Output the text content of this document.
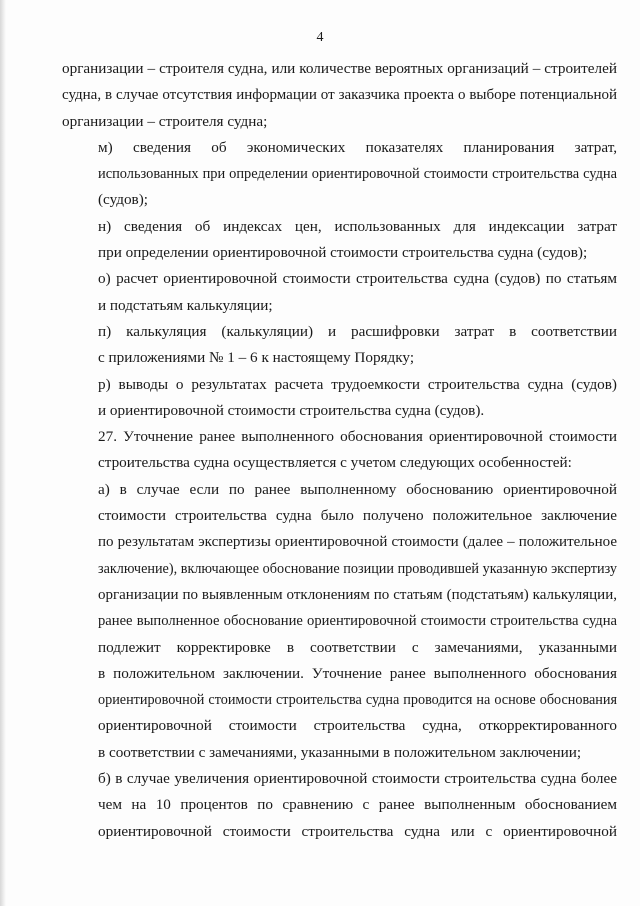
4
организации – строителя судна, или количестве вероятных организаций – строителей
судна, в случае отсутствия информации от заказчика проекта о выборе потенциальной
организации – строителя судна;
м) сведения об экономических показателях планирования затрат,
использованных при определении ориентировочной стоимости строительства судна
(судов);
н) сведения об индексах цен, использованных для индексации затрат
при определении ориентировочной стоимости строительства судна (судов);
о) расчет ориентировочной стоимости строительства судна (судов) по статьям
и подстатьям калькуляции;
п) калькуляция (калькуляции) и расшифровки затрат в соответствии
с приложениями № 1 – 6 к настоящему Порядку;
р) выводы о результатах расчета трудоемкости строительства судна (судов)
и ориентировочной стоимости строительства судна (судов).
27. Уточнение ранее выполненного обоснования ориентировочной стоимости
строительства судна осуществляется с учетом следующих особенностей:
а) в случае если по ранее выполненному обоснованию ориентировочной
стоимости строительства судна было получено положительное заключение
по результатам экспертизы ориентировочной стоимости (далее – положительное
заключение), включающее обоснование позиции проводившей указанную экспертизу
организации по выявленным отклонениям по статьям (подстатьям) калькуляции,
ранее выполненное обоснование ориентировочной стоимости строительства судна
подлежит корректировке в соответствии с замечаниями, указанными
в положительном заключении. Уточнение ранее выполненного обоснования
ориентировочной стоимости строительства судна проводится на основе обоснования
ориентировочной стоимости строительства судна, откорректированного
в соответствии с замечаниями, указанными в положительном заключении;
б) в случае увеличения ориентировочной стоимости строительства судна более
чем на 10 процентов по сравнению с ранее выполненным обоснованием
ориентировочной стоимости строительства судна или с ориентировочной
